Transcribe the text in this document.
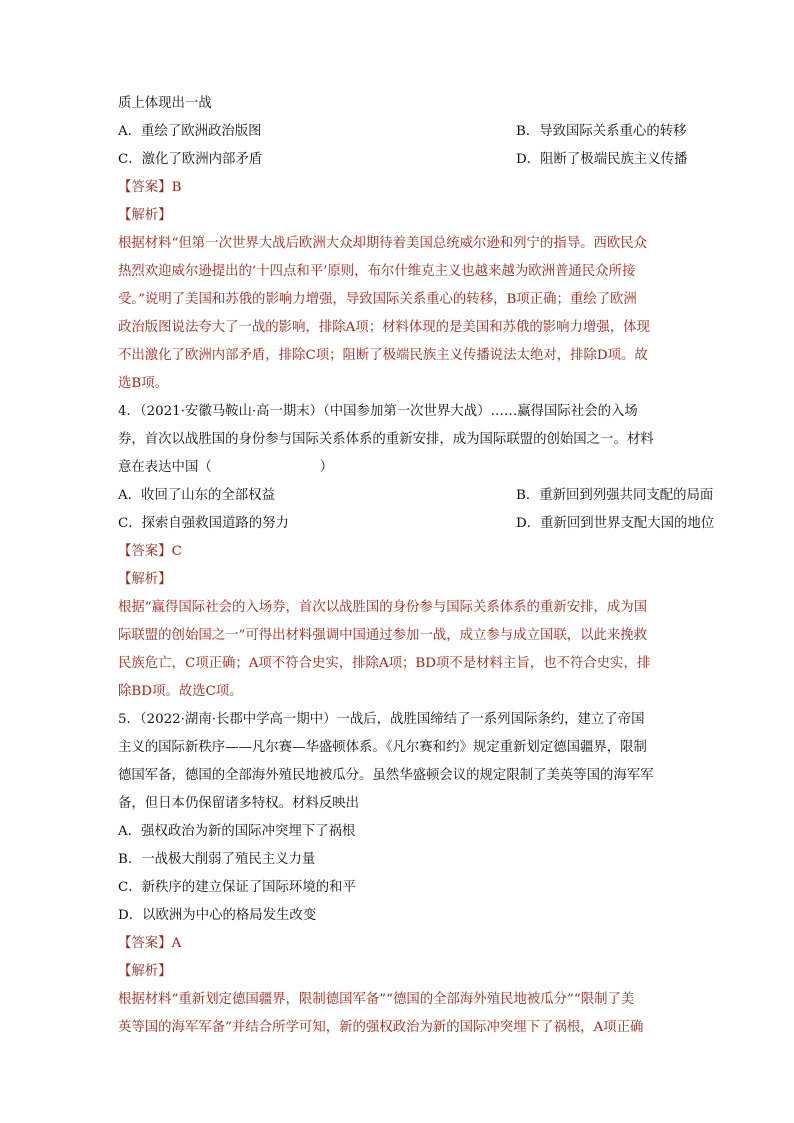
质上体现出一战
A．重绘了欧洲政治版图	B．导致国际关系重心的转移
C．激化了欧洲内部矛盾	D．阻断了极端民族主义传播
【答案】B
【解析】
根据材料“但第一次世界大战后欧洲大众却期待着美国总统威尔逊和列宁的指导。西欧民众
热烈欢迎威尔逊提出的‘十四点和平’原则，布尔什维克主义也越来越为欧洲普通民众所接
受。”说明了美国和苏俄的影响力增强，导致国际关系重心的转移，B项正确；重绘了欧洲
政治版图说法夸大了一战的影响，排除A项；材料体现的是美国和苏俄的影响力增强，体现
不出激化了欧洲内部矛盾，排除C项；阻断了极端民族主义传播说法太绝对，排除D项。故
选B项。
4．（2021·安徽马鞍山·高一期末）（中国参加第一次世界大战）……赢得国际社会的入场
券，首次以战胜国的身份参与国际关系体系的重新安排，成为国际联盟的创始国之一。材料
意在表达中国（	）
A．收回了山东的全部权益	B．重新回到列强共同支配的局面
C．探索自强救国道路的努力	D．重新回到世界支配大国的地位
【答案】C
【解析】
根据“赢得国际社会的入场券，首次以战胜国的身份参与国际关系体系的重新安排，成为国
际联盟的创始国之一”可得出材料强调中国通过参加一战，成立参与成立国联，以此来挽救
民族危亡，C项正确；A项不符合史实，排除A项；BD项不是材料主旨，也不符合史实，排
除BD项。故选C项。
5．（2022·湖南·长郡中学高一期中）一战后，战胜国缔结了一系列国际条约，建立了帝国
主义的国际新秩序——凡尔赛—华盛顿体系。《凡尔赛和约》规定重新划定德国疆界，限制
德国军备，德国的全部海外殖民地被瓜分。虽然华盛顿会议的规定限制了美英等国的海军军
备，但日本仍保留诸多特权。材料反映出
A．强权政治为新的国际冲突埋下了祸根
B．一战极大削弱了殖民主义力量
C．新秩序的建立保证了国际环境的和平
D．以欧洲为中心的格局发生改变
【答案】A
【解析】
根据材料“重新划定德国疆界，限制德国军备”“德国的全部海外殖民地被瓜分”“限制了美
英等国的海军军备”并结合所学可知，新的强权政治为新的国际冲突埋下了祸根，A项正确
